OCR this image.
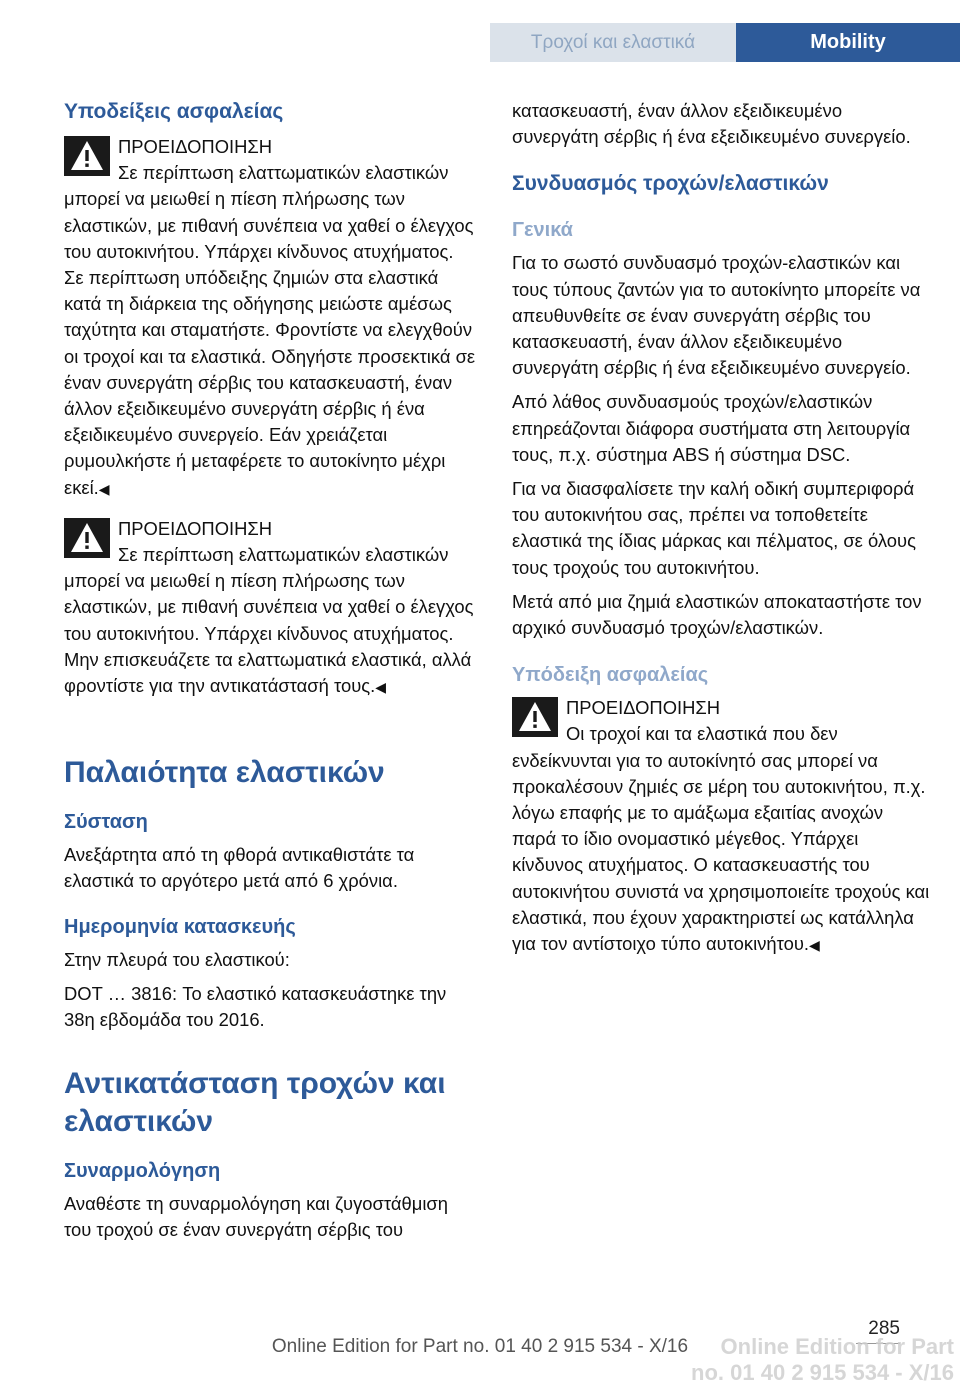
Τροχοί και ελαστικά	Mobility
Υποδείξεις ασφαλείας
ΠΡΟΕΙΔΟΠΟΙΗΣΗ

Σε περίπτωση ελαττωματικών ελαστικών μπορεί να μειωθεί η πίεση πλήρωσης των ελαστικών, με πιθανή συνέπεια να χαθεί ο έλεγχος του αυτοκινήτου. Υπάρχει κίνδυνος ατυχήματος. Σε περίπτωση υπόδειξης ζημιών στα ελαστικά κατά τη διάρκεια της οδήγησης μειώστε αμέσως ταχύτητα και σταματήστε. Φροντίστε να ελεγχθούν οι τροχοί και τα ελαστικά. Οδηγήστε προσεκτικά σε έναν συνεργάτη σέρβις του κατασκευαστή, έναν άλλον εξειδικευμένο συνεργάτη σέρβις ή ένα εξειδικευμένο συνεργείο. Εάν χρειάζεται ρυμουλκήστε ή μεταφέρετε το αυτοκίνητο μέχρι εκεί.◀

ΠΡΟΕΙΔΟΠΟΙΗΣΗ

Σε περίπτωση ελαττωματικών ελαστικών μπορεί να μειωθεί η πίεση πλήρωσης των ελαστικών, με πιθανή συνέπεια να χαθεί ο έλεγχος του αυτοκινήτου. Υπάρχει κίνδυνος ατυχήματος. Μην επισκευάζετε τα ελαττωματικά ελαστικά, αλλά φροντίστε για την αντικατάστασή τους.◀

Παλαιότητα ελαστικών
Σύσταση

Ανεξάρτητα από τη φθορά αντικαθιστάτε τα ελαστικά το αργότερο μετά από 6 χρόνια.

Ημερομηνία κατασκευής

Στην πλευρά του ελαστικού:

DOT … 3816: Το ελαστικό κατασκευάστηκε την 38η εβδομάδα του 2016.

Αντικατάσταση τροχών και ελαστικών
Συναρμολόγηση

Αναθέστε τη συναρμολόγηση και ζυγοστάθμιση του τροχού σε έναν συνεργάτη σέρβις του

κατασκευαστή, έναν άλλον εξειδικευμένο συνεργάτη σέρβις ή ένα εξειδικευμένο συνεργείο.

Συνδυασμός τροχών/ελαστικών
Γενικά

Για το σωστό συνδυασμό τροχών-ελαστικών και τους τύπους ζαντών για το αυτοκίνητο μπορείτε να απευθυνθείτε σε έναν συνεργάτη σέρβις του κατασκευαστή, έναν άλλον εξειδικευμένο συνεργάτη σέρβις ή ένα εξειδικευμένο συνεργείο.

Από λάθος συνδυασμούς τροχών/ελαστικών επηρεάζονται διάφορα συστήματα στη λειτουργία τους, π.χ. σύστημα ABS ή σύστημα DSC.

Για να διασφαλίσετε την καλή οδική συμπεριφορά του αυτοκινήτου σας, πρέπει να τοποθετείτε ελαστικά της ίδιας μάρκας και πέλματος, σε όλους τους τροχούς του αυτοκινήτου.

Μετά από μια ζημιά ελαστικών αποκαταστήστε τον αρχικό συνδυασμό τροχών/ελαστικών.

Υπόδειξη ασφαλείας
ΠΡΟΕΙΔΟΠΟΙΗΣΗ

Οι τροχοί και τα ελαστικά που δεν ενδείκνυνται για το αυτοκίνητό σας μπορεί να προκαλέσουν ζημιές σε μέρη του αυτοκινήτου, π.χ. λόγω επαφής με το αμάξωμα εξαιτίας ανοχών παρά το ίδιο ονομαστικό μέγεθος. Υπάρχει κίνδυνος ατυχήματος. Ο κατασκευαστής του αυτοκινήτου συνιστά να χρησιμοποιείτε τροχούς και ελαστικά, που έχουν χαρακτηριστεί ως κατάλληλα για τον αντίστοιχο τύπο αυτοκινήτου.◀

285
Online Edition for Part no. 01 40 2 915 534 - X/16	Online Edition for Part no. 01 40 2 915 534 - X/16
